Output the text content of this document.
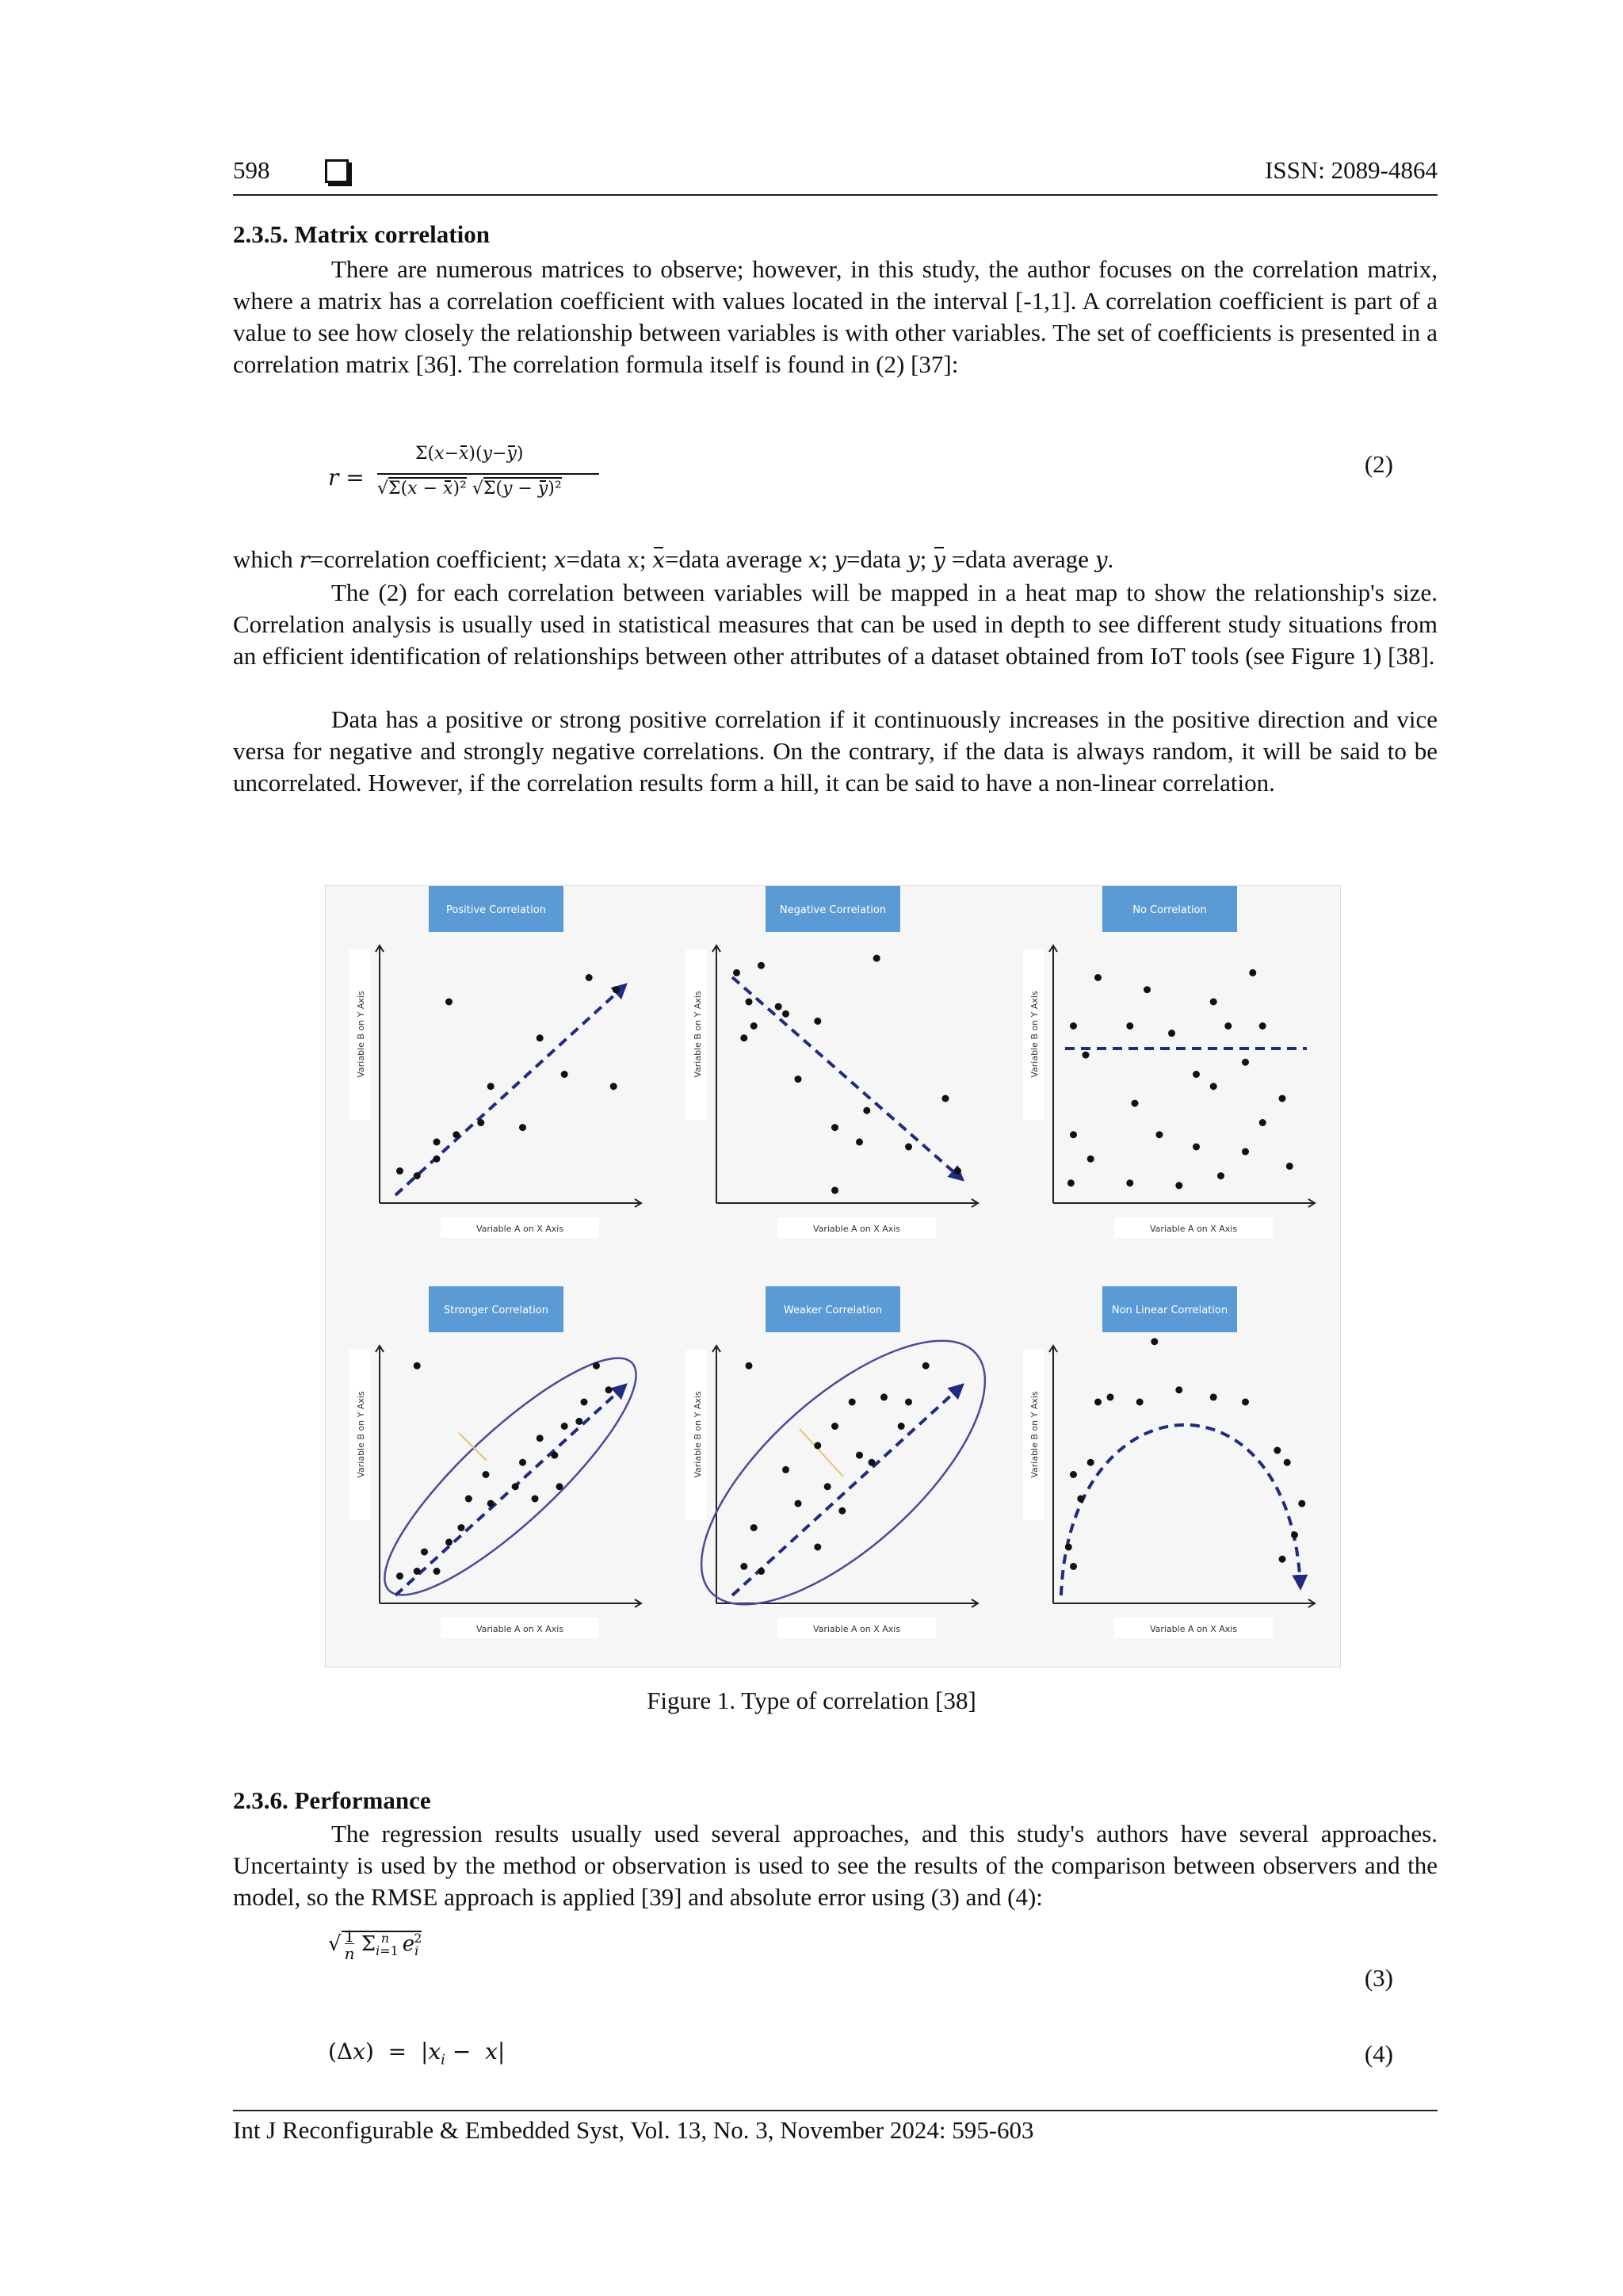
598	ISSN: 2089-4864
2.3.5. Matrix correlation
There are numerous matrices to observe; however, in this study, the author focuses on the correlation matrix, where a matrix has a correlation coefficient with values located in the interval [-1,1]. A correlation coefficient is part of a value to see how closely the relationship between variables is with other variables. The set of coefficients is presented in a correlation matrix [36]. The correlation formula itself is found in (2) [37]:
r =
Σ(x−x)(y−y)
√Σ(x − x)² √Σ(y − y)²
(2)
which r=correlation coefficient; x=data x; x=data average x; y=data y; y =data average y.
The (2) for each correlation between variables will be mapped in a heat map to show the relationship's size. Correlation analysis is usually used in statistical measures that can be used in depth to see different study situations from an efficient identification of relationships between other attributes of a dataset obtained from IoT tools (see Figure 1) [38].
Data has a positive or strong positive correlation if it continuously increases in the positive direction and vice versa for negative and strongly negative correlations. On the contrary, if the data is always random, it will be said to be uncorrelated. However, if the correlation results form a hill, it can be said to have a non-linear correlation.
Positive Correlation
Variable B on Y Axis
Variable A on X Axis
Negative Correlation
Variable B on Y Axis
Variable A on X Axis
No Correlation
Variable B on Y Axis
Variable A on X Axis
Stronger Correlation
Variable B on Y Axis
Variable A on X Axis
Weaker Correlation
Variable B on Y Axis
Variable A on X Axis
Non Linear Correlation
Variable B on Y Axis
Variable A on X Axis
Figure 1. Type of correlation [38]
2.3.6. Performance
The regression results usually used several approaches, and this study's authors have several approaches. Uncertainty is used by the method or observation is used to see the results of the comparison between observers and the model, so the RMSE approach is applied [39] and absolute error using (3) and (4):
√ 1
n $\Sigma_{i=1}^n$ $e_i^2$
(3)
$(\Delta x) = |x_i - x|$	(4)
Int J Reconfigurable & Embedded Syst, Vol. 13, No. 3, November 2024: 595-603
